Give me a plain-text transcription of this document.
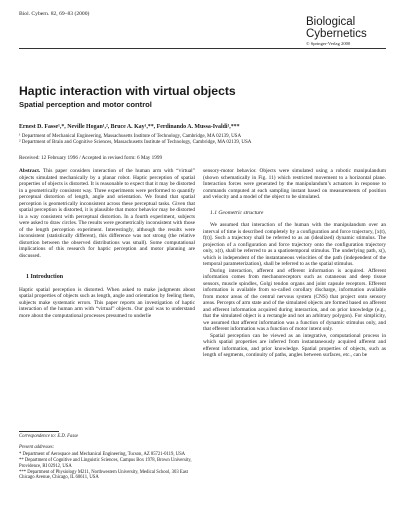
Biol. Cybern. 82, 69–83 (2000)
Biological
Cybernetics
© Springer-Verlag 2000
Haptic interaction with virtual objects
Spatial perception and motor control
Ernest D. Fasse¹,*, Neville Hogan¹,², Bruce A. Kay¹,**, Ferdinando A. Mussa-Ivaldi¹,***
¹ Department of Mechanical Engineering, Massachusetts Institute of Technology, Cambridge, MA 02139, USA
² Department of Brain and Cognitive Sciences, Massachusetts Institute of Technology, Cambridge, MA 02139, USA
Received: 12 February 1996 / Accepted in revised form: 6 May 1999

Abstract. This paper considers interaction of the human arm with “virtual” objects simulated mechanically by a planar robot. Haptic perception of spatial properties of objects is distorted. It is reasonable to expect that it may be distorted in a geometrically consistent way. Three experiments were performed to quantify perceptual distortion of length, angle and orientation. We found that spatial perception is geometrically inconsistent across these perceptual tasks. Given that spatial perception is distorted, it is plausible that motor behavior may be distorted in a way consistent with perceptual distortion. In a fourth experiment, subjects were asked to draw circles. The results were geometrically inconsistent with those of the length perception experiment. Interestingly, although the results were inconsistent (statistically different), this difference was not strong (the relative distortion between the observed distributions was small). Some computational implications of this research for haptic perception and motor planning are discussed.

1 Introduction

Haptic spatial perception is distorted. When asked to make judgments about spatial properties of objects such as length, angle and orientation by feeling them, subjects make systematic errors. This paper reports an investigation of haptic interaction of the human arm with “virtual” objects. Our goal was to understand more about the computational processes presumed to underlie

sensory-motor behavior. Objects were simulated using a robotic manipulandum (shown schematically in Fig. 11) which restricted movement to a horizontal plane. Interaction forces were generated by the manipulandum’s actuators in response to commands computed at each sampling instant based on measurements of position and velocity and a model of the object to be simulated.

1.1 Geometric structure

We assumed that interaction of the human with the manipulandum over an interval of time is described completely by a configuration and force trajectory, [x(t), f(t)]. Such a trajectory shall be referred to as an (idealized) dynamic stimulus. The projection of a configuration and force trajectory onto the configuration trajectory only, x(t), shall be referred to as a spatiotemporal stimulus. The underlying path, x(), which is independent of the instantaneous velocities of the path (independent of the temporal parameterization), shall be referred to as the spatial stimulus.

During interaction, afferent and efferent information is acquired. Afferent information comes from mechanoreceptors such as cutaneous and deep tissue sensors, muscle spindles, Golgi tendon organs and joint capsule receptors. Efferent information is available from so-called corollary discharge, information available from motor areas of the central nervous system (CNS) that project onto sensory areas. Percepts of arm state and of the simulated objects are formed based on afferent and efferent information acquired during interaction, and on prior knowledge (e.g., that the simulated object is a rectangle and not an arbitrary polygon). For simplicity, we assumed that afferent information was a function of dynamic stimulus only, and that efferent information was a function of motor intent only.

Spatial perception can be viewed as an integrative, computational process in which spatial properties are inferred from instantaneously acquired afferent and efferent information, and prior knowledge. Spatial properties of objects, such as length of segments, continuity of paths, angles between surfaces, etc., can be

Correspondence to: E.D. Fasse
Present addresses:
* Department of Aerospace and Mechanical Engineering, Tucson, AZ 85721-0119, USA
** Department of Cognitive and Linguistic Sciences, Campus Box 1978, Brown University, Providence, RI 02912, USA
*** Department of Physiology M211, Northwestern University, Medical School, 303 East Chicago Avenue, Chicago, IL 60611, USA
